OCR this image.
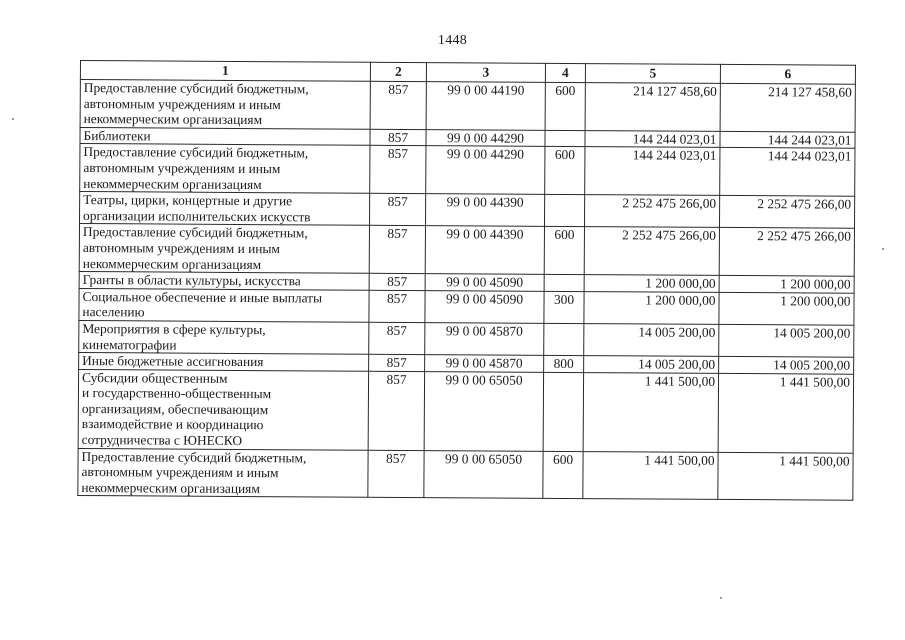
1448
1	2	3	4	5	6

Предоставление субсидий бюджетным,
автономным учреждениям и иным
некоммерческим организациям	857	99 0 00 44190	600	214 127 458,60	214 127 458,60

Библиотеки	857	99 0 00 44290		144 244 023,01	144 244 023,01

Предоставление субсидий бюджетным,
автономным учреждениям и иным
некоммерческим организациям	857	99 0 00 44290	600	144 244 023,01	144 244 023,01

Театры, цирки, концертные и другие
организации исполнительских искусств	857	99 0 00 44390		2 252 475 266,00	2 252 475 266,00

Предоставление субсидий бюджетным,
автономным учреждениям и иным
некоммерческим организациям	857	99 0 00 44390	600	2 252 475 266,00	2 252 475 266,00

Гранты в области культуры, искусства	857	99 0 00 45090		1 200 000,00	1 200 000,00

Социальное обеспечение и иные выплаты
населению	857	99 0 00 45090	300	1 200 000,00	1 200 000,00

Мероприятия в сфере культуры,
кинематографии	857	99 0 00 45870		14 005 200,00	14 005 200,00

Иные бюджетные ассигнования	857	99 0 00 45870	800	14 005 200,00	14 005 200,00

Субсидии общественным
и государственно-общественным
организациям, обеспечивающим
взаимодействие и координацию
сотрудничества с ЮНЕСКО	857	99 0 00 65050		1 441 500,00	1 441 500,00

Предоставление субсидий бюджетным,
автономным учреждениям и иным
некоммерческим организациям	857	99 0 00 65050	600	1 441 500,00	1 441 500,00
